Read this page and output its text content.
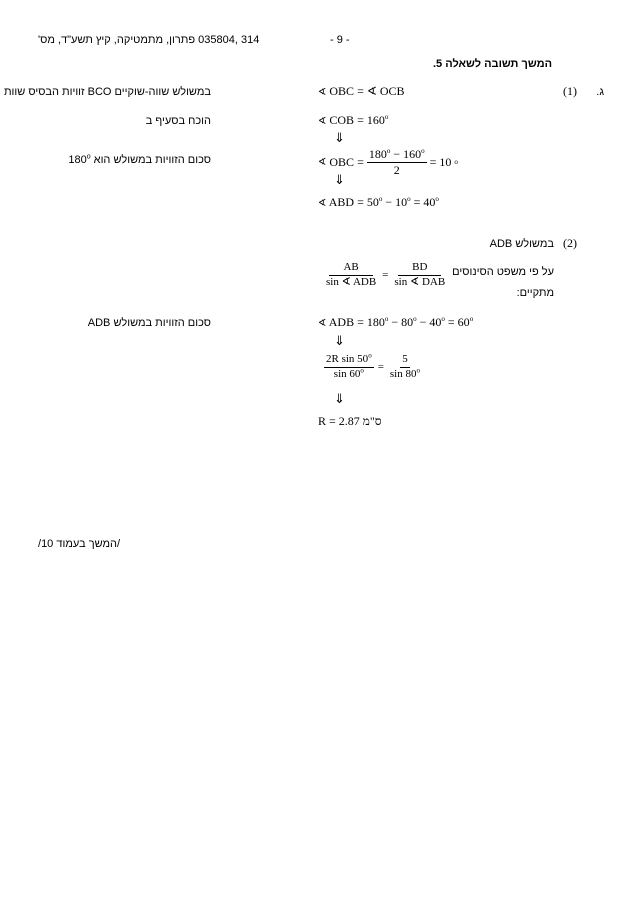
314 ,035804 פתרון, מתמטיקה, קיץ תשע"ד, מס'	- 9 -
המשך תשובה לשאלה 5.
ג.
(1)
∢ OBC = ∢ OCB
במשולש שווה-שוקיים BCO זוויות הבסיס שוות
∢ COB = $160^o$
הוכח בסעיף ב
⇓
∢ OBC = $\frac{180^o - 160^o}{2} = 10$ o
סכום הזוויות במשולש הוא 180$^o$
⇓
∢ ABD = $50^o - 10^o = 40^o$
(2)
במשולש ADB
על פי משפט הסינוסים
מתקיים:
$\frac{AB}{\text{sin ∢ ADB}} = \frac{BD}{\text{sin ∢ DAB}}$
∢ ADB = $180^o - 80^o - 40^o = 60^o$
סכום הזוויות במשולש ADB
⇓
$\frac{2R \sin 50^o}{\sin 60^o} = \frac{5}{\sin 80^o}$
⇓
R = 2.87 ס"מ
/המשך בעמוד 10/
